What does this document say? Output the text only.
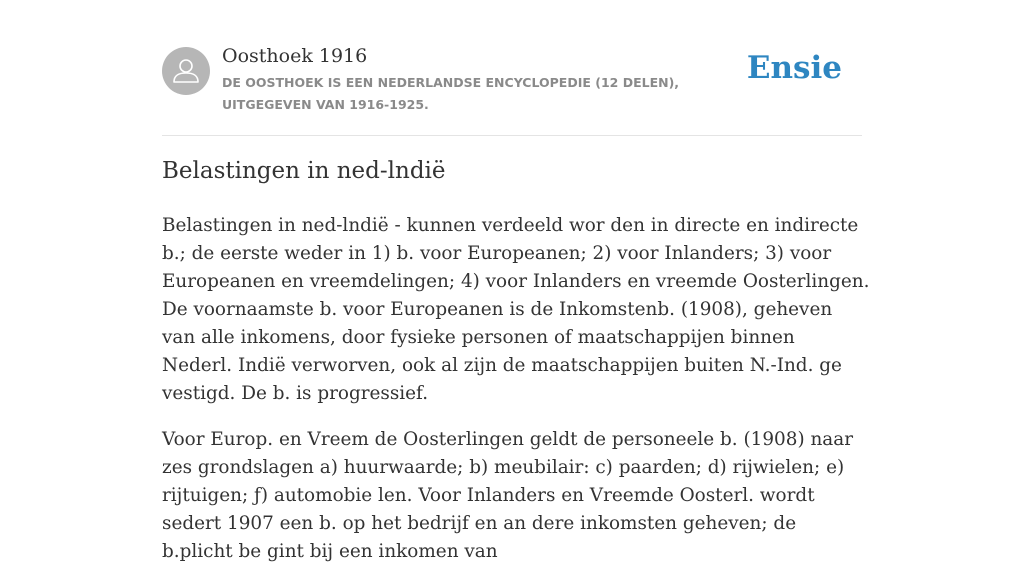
Oosthoek 1916

DE OOSTHOEK IS EEN NEDERLANDSE ENCYCLOPEDIE (12 DELEN), UITGEGEVEN VAN 1916-1925.

Ensie
Belastingen in ned-lndië

Belastingen in ned-lndië - kunnen verdeeld wor den in directe en indirecte b.; de eerste weder in 1) b. voor Europeanen; 2) voor Inlanders; 3) voor Europeanen en vreemdelingen; 4) voor Inlanders en vreemde Oosterlingen. De voornaamste b. voor Europeanen is de Inkomstenb. (1908), geheven van alle inkomens, door fysieke personen of maatschappijen binnen Nederl. Indië verworven, ook al zijn de maatschappijen buiten N.-Ind. ge vestigd. De b. is progressief.

Voor Europ. en Vreem de Oosterlingen geldt de personeele b. (1908) naar zes grondslagen a) huurwaarde; b) meubilair: c) paarden; d) rijwielen; e) rijtuigen; ƒ) automobie len. Voor Inlanders en Vreemde Oosterl. wordt sedert 1907 een b. op het bedrijf en an dere inkomsten geheven; de b.plicht be gint bij een inkomen van
